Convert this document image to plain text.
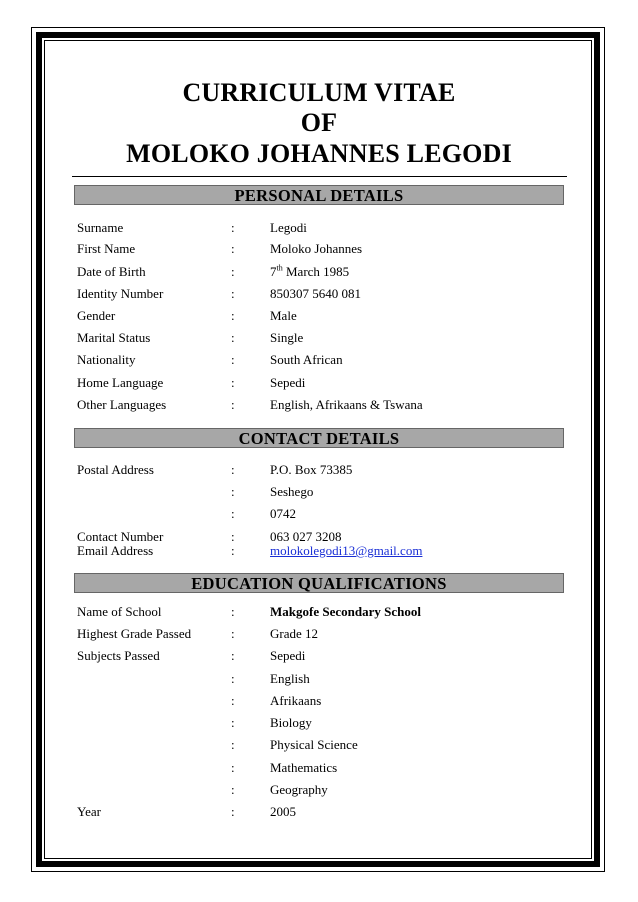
CURRICULUM VITAE
OF
MOLOKO JOHANNES LEGODI
PERSONAL DETAILS
Surname	:	Legodi
First Name	:	Moloko Johannes
Date of Birth	:	7th March 1985
Identity Number	:	850307 5640 081
Gender	:	Male
Marital Status	:	Single
Nationality	:	South African
Home Language	:	Sepedi
Other Languages	:	English, Afrikaans & Tswana
CONTACT DETAILS
Postal Address	:	P.O. Box 73385
:	Seshego
:	0742
Contact Number	:	063 027 3208
Email Address	:	molokolegodi13@gmail.com
EDUCATION QUALIFICATIONS
Name of School	:	Makgofe Secondary School
Highest Grade Passed	:	Grade 12
Subjects Passed	:	Sepedi
:	English
:	Afrikaans
:	Biology
:	Physical Science
:	Mathematics
:	Geography
Year	:	2005
